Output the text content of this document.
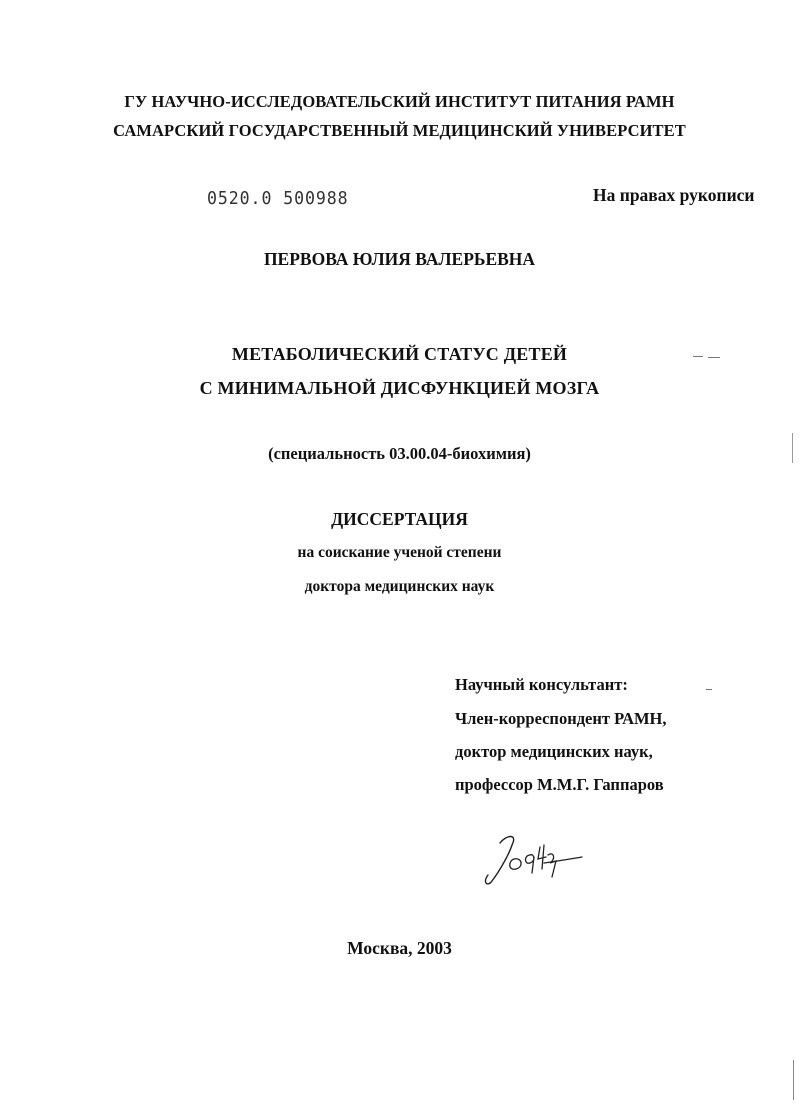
ГУ НАУЧНО-ИССЛЕДОВАТЕЛЬСКИЙ ИНСТИТУТ ПИТАНИЯ РАМН
САМАРСКИЙ ГОСУДАРСТВЕННЫЙ МЕДИЦИНСКИЙ УНИВЕРСИТЕТ
0520.0 500988	На правах рукописи
ПЕРВОВА ЮЛИЯ ВАЛЕРЬЕВНА
МЕТАБОЛИЧЕСКИЙ СТАТУС ДЕТЕЙ
С МИНИМАЛЬНОЙ ДИСФУНКЦИЕЙ МОЗГА
(специальность 03.00.04-биохимия)
ДИССЕРТАЦИЯ
на соискание ученой степени
доктора медицинских наук
Научный консультант:
Член-корреспондент РАМН,
доктор медицинских наук,
профессор М.М.Г. Гаппаров
Москва, 2003
